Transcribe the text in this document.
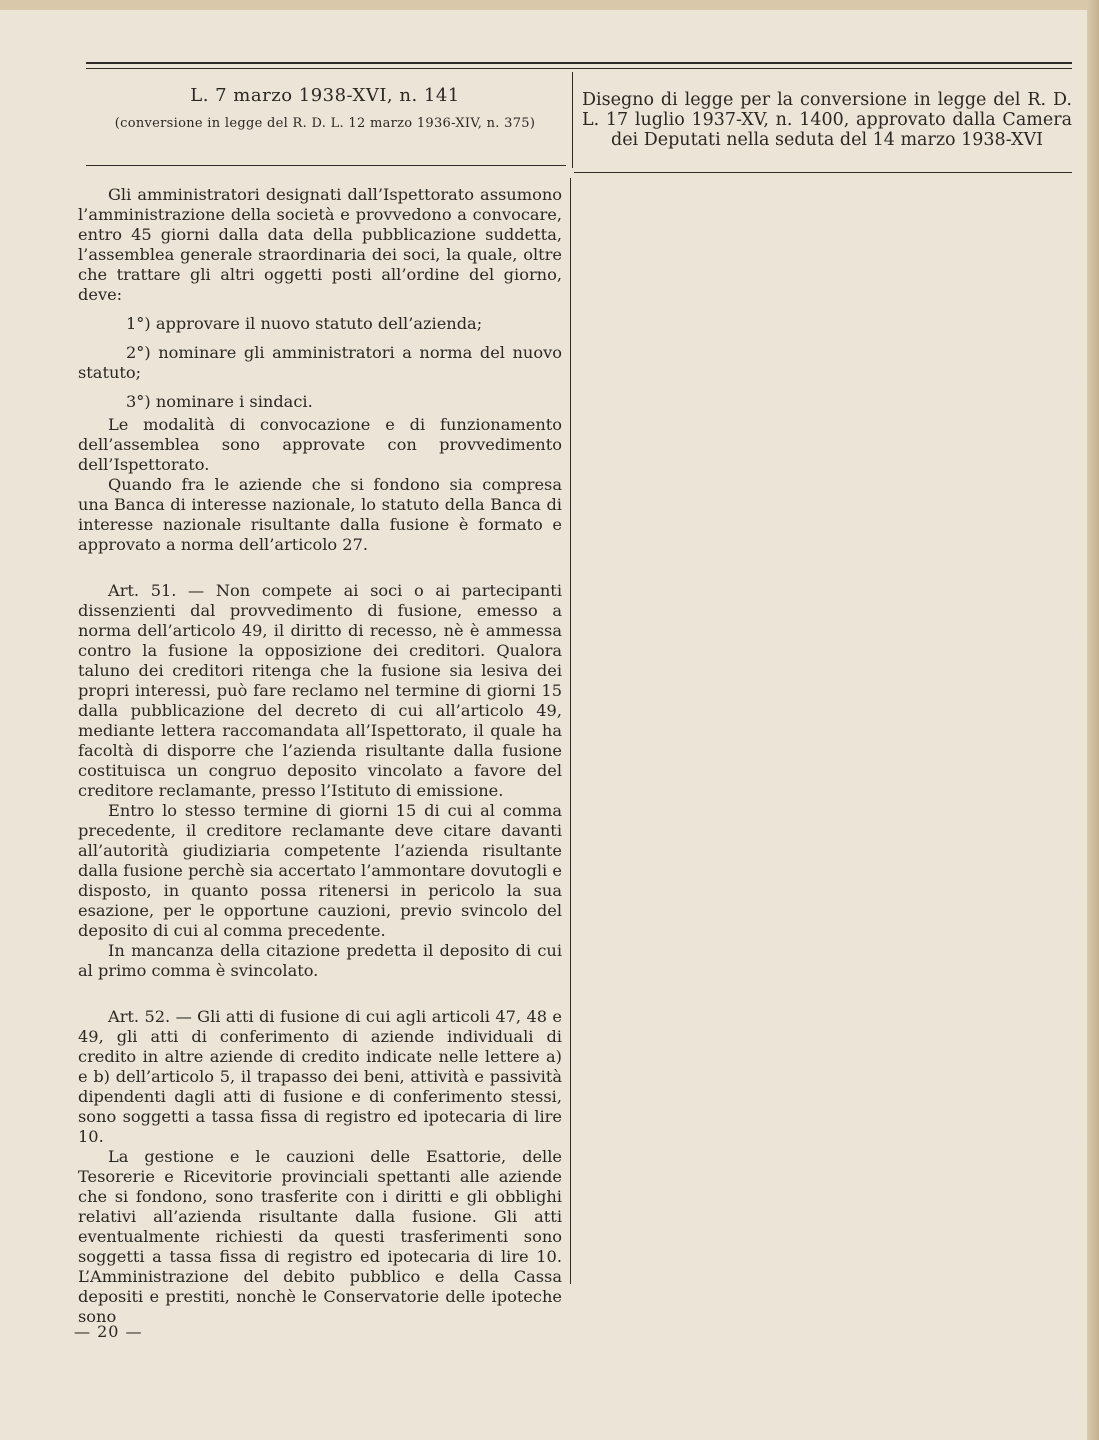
L. 7 marzo 1938-XVI, n. 141
(conversione in legge del R. D. L. 12 marzo 1936-XIV, n. 375)
Disegno di legge per la conversione in legge del R. D. L. 17 luglio 1937-XV, n. 1400, approvato dalla Camera dei Deputati nella seduta del 14 marzo 1938-XVI

Gli amministratori designati dall’Ispettorato assumono l’amministrazione della società e provvedono a convocare, entro 45 giorni dalla data della pubblicazione suddetta, l’assemblea generale straordinaria dei soci, la quale, oltre che trattare gli altri oggetti posti all’ordine del giorno, deve:

1°) approvare il nuovo statuto dell’azienda;

2°) nominare gli amministratori a norma del nuovo statuto;

3°) nominare i sindaci.

Le modalità di convocazione e di funzionamento dell’assemblea sono approvate con provvedimento dell’Ispettorato.

Quando fra le aziende che si fondono sia compresa una Banca di interesse nazionale, lo statuto della Banca di interesse nazionale risultante dalla fusione è formato e approvato a norma dell’articolo 27.

Art. 51. — Non compete ai soci o ai partecipanti dissenzienti dal provvedimento di fusione, emesso a norma dell’articolo 49, il diritto di recesso, nè è ammessa contro la fusione la opposizione dei creditori. Qualora taluno dei creditori ritenga che la fusione sia lesiva dei propri interessi, può fare reclamo nel termine di giorni 15 dalla pubblicazione del decreto di cui all’articolo 49, mediante lettera raccomandata all’Ispettorato, il quale ha facoltà di disporre che l’azienda risultante dalla fusione costituisca un congruo deposito vincolato a favore del creditore reclamante, presso l’Istituto di emissione.

Entro lo stesso termine di giorni 15 di cui al comma precedente, il creditore reclamante deve citare davanti all’autorità giudiziaria competente l’azienda risultante dalla fusione perchè sia accertato l’ammontare dovutogli e disposto, in quanto possa ritenersi in pericolo la sua esazione, per le opportune cauzioni, previo svincolo del deposito di cui al comma precedente.

In mancanza della citazione predetta il deposito di cui al primo comma è svincolato.

Art. 52. — Gli atti di fusione di cui agli articoli 47, 48 e 49, gli atti di conferimento di aziende individuali di credito in altre aziende di credito indicate nelle lettere a) e b) dell’articolo 5, il trapasso dei beni, attività e passività dipendenti dagli atti di fusione e di conferimento stessi, sono soggetti a tassa fissa di registro ed ipotecaria di lire 10.

La gestione e le cauzioni delle Esattorie, delle Tesorerie e Ricevitorie provinciali spettanti alle aziende che si fondono, sono trasferite con i diritti e gli obblighi relativi all’azienda risultante dalla fusione. Gli atti eventualmente richiesti da questi trasferimenti sono soggetti a tassa fissa di registro ed ipotecaria di lire 10. L’Amministrazione del debito pubblico e della Cassa depositi e prestiti, nonchè le Conservatorie delle ipoteche sono

— 20 —
